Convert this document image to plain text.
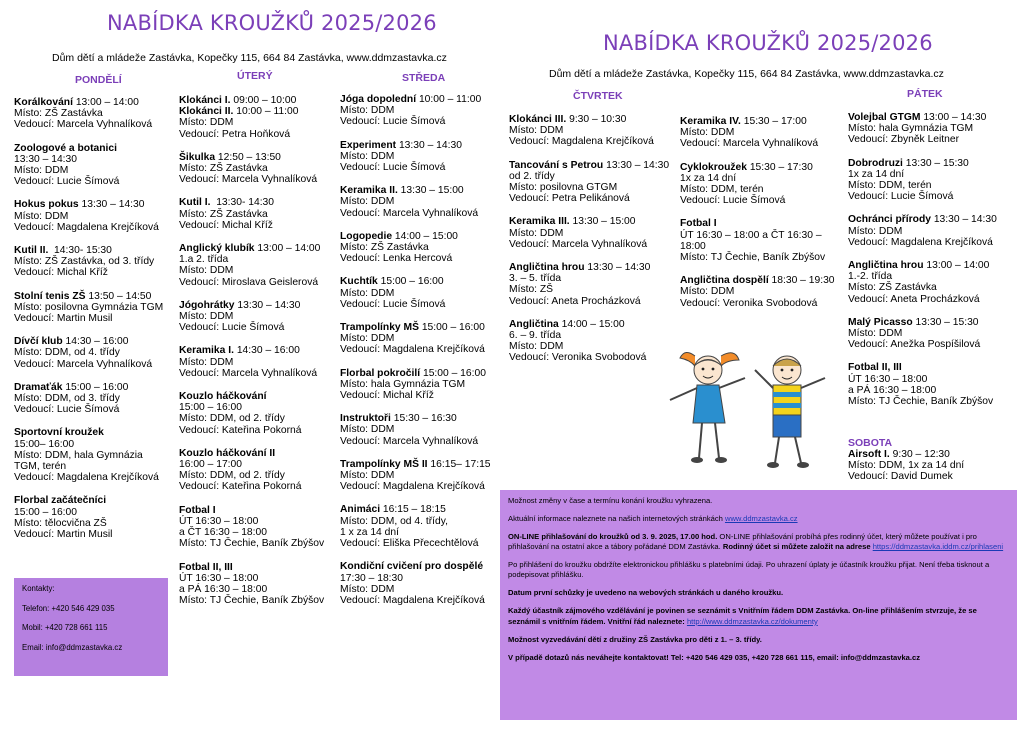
NABÍDKA KROUŽKŮ 2025/2026
Dům dětí a mládeže Zastávka, Kopečky 115, 664 84 Zastávka, www.ddmzastavka.cz
NABÍDKA KROUŽKŮ 2025/2026
Dům dětí a mládeže Zastávka, Kopečky 115, 664 84 Zastávka, www.ddmzastavka.cz
PONDĚLÍ	ÚTERÝ	STŘEDA
ČTVRTEK	PÁTEK
Korálkování 13:00 – 14:00
Místo: ZŠ Zastávka
Vedoucí: Marcela Vyhnalíková
Zoologové a botanici
13:30 – 14:30
Místo: DDM
Vedoucí: Lucie Šímová
Hokus pokus 13:30 – 14:30
Místo: DDM
Vedoucí: Magdalena Krejčíková
Kutil II.  14:30- 15:30
Místo: ZŠ Zastávka, od 3. třídy
Vedoucí: Michal Kříž
Stolní tenis ZŠ 13:50 – 14:50
Místo: posilovna Gymnázia TGM
Vedoucí: Martin Musil
Dívčí klub 14:30 – 16:00
Místo: DDM, od 4. třídy
Vedoucí: Marcela Vyhnalíková
Dramaťák 15:00 – 16:00
Místo: DDM, od 3. třídy
Vedoucí: Lucie Šímová
Sportovní kroužek
15:00– 16:00
Místo: DDM, hala Gymnázia
TGM, terén
Vedoucí: Magdalena Krejčíková
Florbal začátečníci
15:00 – 16:00
Místo: tělocvična ZŠ
Vedoucí: Martin Musil
Klokánci I. 09:00 – 10:00
Klokánci II. 10:00 – 11:00
Místo: DDM
Vedoucí: Petra Hoňková
Šikulka 12:50 – 13:50
Místo: ZŠ Zastávka
Vedoucí: Marcela Vyhnalíková
Kutil I.  13:30- 14:30
Místo: ZŠ Zastávka
Vedoucí: Michal Kříž
Anglický klubík 13:00 – 14:00
1.a 2. třída
Místo: DDM
Vedoucí: Miroslava Geislerová
Jógohrátky 13:30 – 14:30
Místo: DDM
Vedoucí: Lucie Šímová
Keramika I. 14:30 – 16:00
Místo: DDM
Vedoucí: Marcela Vyhnalíková
Kouzlo háčkování
15:00 – 16:00
Místo: DDM, od 2. třídy
Vedoucí: Kateřina Pokorná
Kouzlo háčkování II
16:00 – 17:00
Místo: DDM, od 2. třídy
Vedoucí: Kateřina Pokorná
Fotbal I
ÚT 16:30 – 18:00
a ČT 16:30 – 18:00
Místo: TJ Čechie, Baník Zbýšov
Fotbal II, III
ÚT 16:30 – 18:00
a PÁ 16:30 – 18:00
Místo: TJ Čechie, Baník Zbýšov
Jóga dopolední 10:00 – 11:00
Místo: DDM
Vedoucí: Lucie Šímová
Experiment 13:30 – 14:30
Místo: DDM
Vedoucí: Lucie Šímová
Keramika II. 13:30 – 15:00
Místo: DDM
Vedoucí: Marcela Vyhnalíková
Logopedie 14:00 – 15:00
Místo: ZŠ Zastávka
Vedoucí: Lenka Hercová
Kuchtík 15:00 – 16:00
Místo: DDM
Vedoucí: Lucie Šímová
Trampolínky MŠ 15:00 – 16:00
Místo: DDM
Vedoucí: Magdalena Krejčíková
Florbal pokročilí 15:00 – 16:00
Místo: hala Gymnázia TGM
Vedoucí: Michal Kříž
Instruktoři 15:30 – 16:30
Místo: DDM
Vedoucí: Marcela Vyhnalíková
Trampolínky MŠ II 16:15– 17:15
Místo: DDM
Vedoucí: Magdalena Krejčíková
Animáci 16:15 – 18:15
Místo: DDM, od 4. třídy,
1 x za 14 dní
Vedoucí: Eliška Přecechtělová
Kondiční cvičení pro dospělé
17:30 – 18:30
Místo: DDM
Vedoucí: Magdalena Krejčíková
Klokánci III. 9:30 – 10:30
Místo: DDM
Vedoucí: Magdalena Krejčíková
Tancování s Petrou 13:30 – 14:30
od 2. třídy
Místo: posilovna GTGM
Vedoucí: Petra Pelikánová
Keramika III. 13:30 – 15:00
Místo: DDM
Vedoucí: Marcela Vyhnalíková
Angličtina hrou 13:30 – 14:30
3. – 5. třída
Místo: ZŠ
Vedoucí: Aneta Procházková
Angličtina 14:00 – 15:00
6. – 9. třída
Místo: DDM
Vedoucí: Veronika Svobodová
Keramika IV. 15:30 – 17:00
Místo: DDM
Vedoucí: Marcela Vyhnalíková
Cyklokroužek 15:30 – 17:30
1x za 14 dní
Místo: DDM, terén
Vedoucí: Lucie Šímová
Fotbal I
ÚT 16:30 – 18:00 a ČT 16:30 –
18:00
Místo: TJ Čechie, Baník Zbýšov
Angličtina dospělí 18:30 – 19:30
Místo: DDM
Vedoucí: Veronika Svobodová
Volejbal GTGM 13:00 – 14:30
Místo: hala Gymnázia TGM
Vedoucí: Zbyněk Leitner
Dobrodruzi 13:30 – 15:30
1x za 14 dní
Místo: DDM, terén
Vedoucí: Lucie Šímová
Ochránci přírody 13:30 – 14:30
Místo: DDM
Vedoucí: Magdalena Krejčíková
Angličtina hrou 13:00 – 14:00
1.-2. třída
Místo: ZŠ Zastávka
Vedoucí: Aneta Procházková
Malý Picasso 13:30 – 15:30
Místo: DDM
Vedoucí: Anežka Pospíšilová
Fotbal II, III
ÚT 16:30 – 18:00
a PÁ 16:30 – 18:00
Místo: TJ Čechie, Baník Zbýšov
SOBOTA
Airsoft I. 9:30 – 12:30
Místo: DDM, 1x za 14 dní
Vedoucí: David Dumek
Kontakty:
Telefon: +420 546 429 035
Mobil: +420 728 661 115
Email: info@ddmzastavka.cz

Možnost změny v čase a termínu konání kroužku vyhrazena.

Aktuální informace naleznete na našich internetových stránkách www.ddmzastavka.cz

ON-LINE přihlašování do kroužků od 3. 9. 2025, 17.00 hod. ON-LINE přihlašování probíhá přes rodinný účet, který můžete používat i pro přihlašování na ostatní akce a tábory pořádané DDM Zastávka. Rodinný účet si můžete založit na adrese https://ddmzastavka.iddm.cz/prihlaseni

Po přihlášení do kroužku obdržíte elektronickou přihlášku s platebními údaji. Po uhrazení úplaty je účastník kroužku přijat. Není třeba tisknout a podepisovat přihlášku.

Datum první schůzky je uvedeno na webových stránkách u daného kroužku.

Každý účastník zájmového vzdělávání je povinen se seznámit s Vnitřním řádem DDM Zastávka. On-line přihlášením stvrzuje, že se seznámil s vnitřním řádem. Vnitřní řád naleznete: http://www.ddmzastavka.cz/dokumenty

Možnost vyzvedávání dětí z družiny ZŠ Zastávka pro děti z 1. – 3. třídy.

V případě dotazů nás neváhejte kontaktovat! Tel: +420 546 429 035, +420 728 661 115, email: info@ddmzastavka.cz
